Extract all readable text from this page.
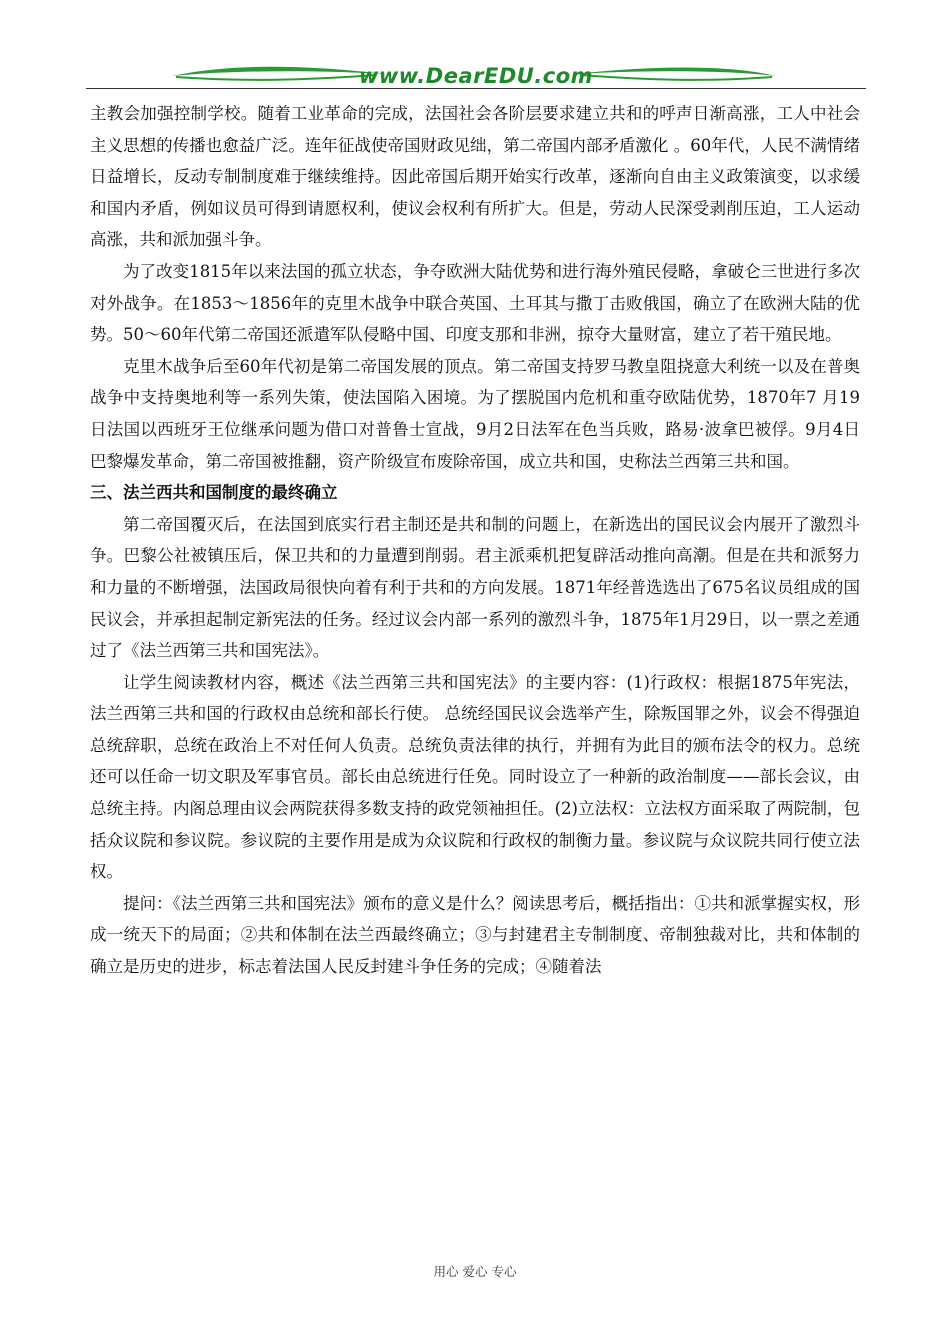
www.DearEDU.com

主教会加强控制学校。随着工业革命的完成，法国社会各阶层要求建立共和的呼声日渐高涨，工人中社会主义思想的传播也愈益广泛。连年征战使帝国财政见绌，第二帝国内部矛盾激化 。60年代，人民不满情绪日益增长，反动专制制度难于继续维持。因此帝国后期开始实行改革，逐渐向自由主义政策演变，以求缓和国内矛盾，例如议员可得到请愿权利，使议会权利有所扩大。但是，劳动人民深受剥削压迫，工人运动高涨，共和派加强斗争。

为了改变1815年以来法国的孤立状态，争夺欧洲大陆优势和进行海外殖民侵略，拿破仑三世进行多次对外战争。在1853～1856年的克里木战争中联合英国、土耳其与撒丁击败俄国，确立了在欧洲大陆的优势。50～60年代第二帝国还派遣军队侵略中国、印度支那和非洲，掠夺大量财富，建立了若干殖民地。

克里木战争后至60年代初是第二帝国发展的顶点。第二帝国支持罗马教皇阻挠意大利统一以及在普奥战争中支持奥地利等一系列失策，使法国陷入困境。为了摆脱国内危机和重夺欧陆优势，1870年7 月19日法国以西班牙王位继承问题为借口对普鲁士宣战，9月2日法军在色当兵败，路易·波拿巴被俘。9月4日巴黎爆发革命，第二帝国被推翻，资产阶级宣布废除帝国，成立共和国，史称法兰西第三共和国。

三、法兰西共和国制度的最终确立

第二帝国覆灭后，在法国到底实行君主制还是共和制的问题上，在新选出的国民议会内展开了激烈斗争。巴黎公社被镇压后，保卫共和的力量遭到削弱。君主派乘机把复辟活动推向高潮。但是在共和派努力和力量的不断增强，法国政局很快向着有利于共和的方向发展。1871年经普选选出了675名议员组成的国民议会，并承担起制定新宪法的任务。经过议会内部一系列的激烈斗争，1875年1月29日，以一票之差通过了《法兰西第三共和国宪法》。

让学生阅读教材内容，概述《法兰西第三共和国宪法》的主要内容：(1)行政权：根据1875年宪法，法兰西第三共和国的行政权由总统和部长行使。 总统经国民议会选举产生，除叛国罪之外，议会不得强迫总统辞职，总统在政治上不对任何人负责。总统负责法律的执行，并拥有为此目的颁布法令的权力。总统还可以任命一切文职及军事官员。部长由总统进行任免。同时设立了一种新的政治制度——部长会议，由总统主持。内阁总理由议会两院获得多数支持的政党领袖担任。(2)立法权：立法权方面采取了两院制，包括众议院和参议院。参议院的主要作用是成为众议院和行政权的制衡力量。参议院与众议院共同行使立法权。

提问：《法兰西第三共和国宪法》颁布的意义是什么？阅读思考后，概括指出：①共和派掌握实权，形成一统天下的局面；②共和体制在法兰西最终确立；③与封建君主专制制度、帝制独裁对比，共和体制的确立是历史的进步，标志着法国人民反封建斗争任务的完成；④随着法

用心 爱心 专心
